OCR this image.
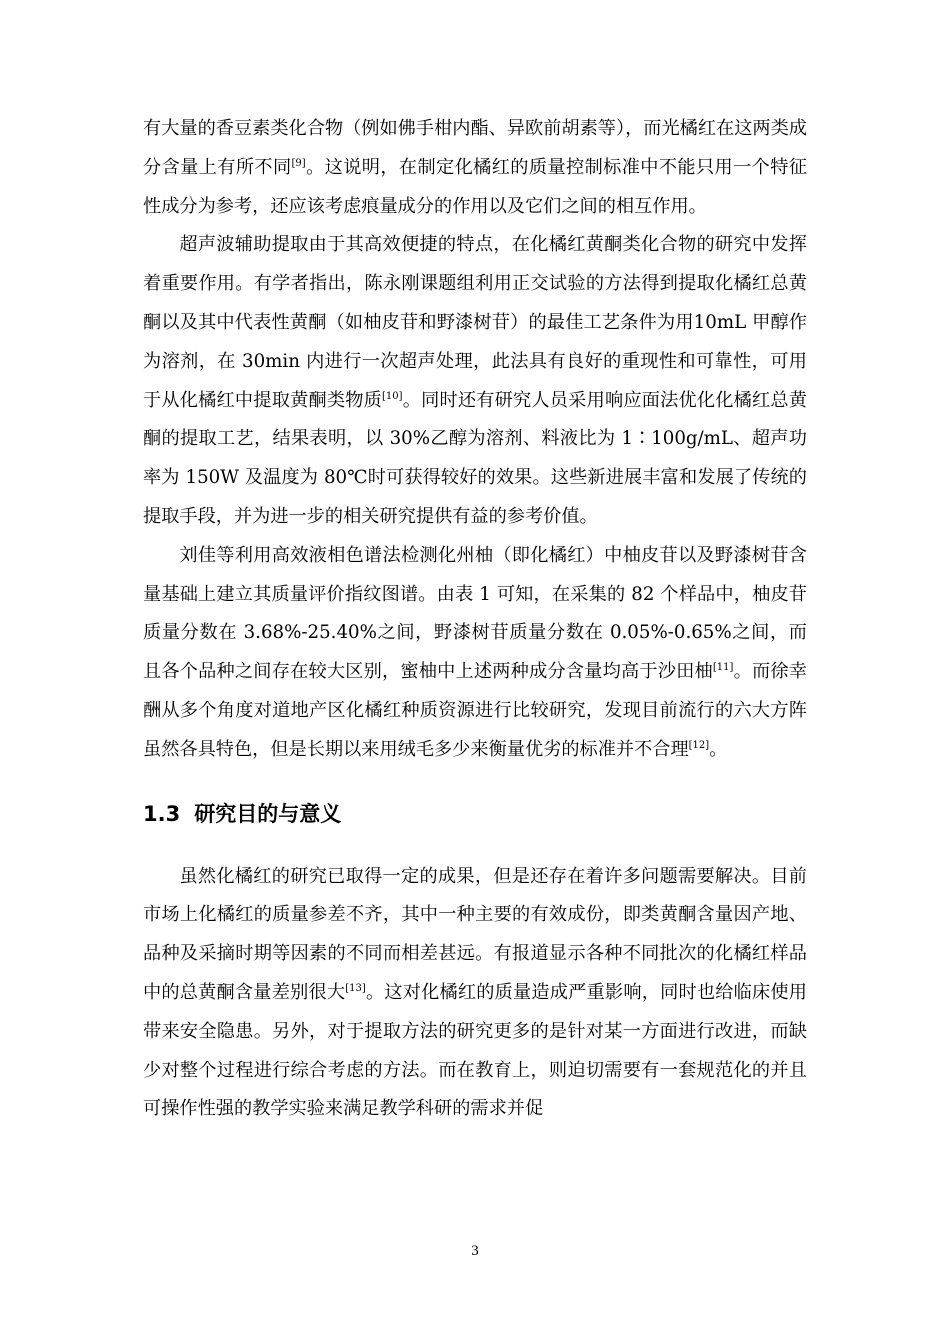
有大量的香豆素类化合物（例如佛手柑内酯、异欧前胡素等），而光橘红在这两类成分含量上有所不同[9]。这说明，在制定化橘红的质量控制标准中不能只用一个特征性成分为参考，还应该考虑痕量成分的作用以及它们之间的相互作用。

超声波辅助提取由于其高效便捷的特点，在化橘红黄酮类化合物的研究中发挥着重要作用。有学者指出，陈永刚课题组利用正交试验的方法得到提取化橘红总黄酮以及其中代表性黄酮（如柚皮苷和野漆树苷）的最佳工艺条件为用10mL 甲醇作为溶剂，在 30min 内进行一次超声处理，此法具有良好的重现性和可靠性，可用于从化橘红中提取黄酮类物质[10]。同时还有研究人员采用响应面法优化化橘红总黄酮的提取工艺，结果表明，以 30%乙醇为溶剂、料液比为 1∶100g/mL、超声功率为 150W 及温度为 80℃时可获得较好的效果。这些新进展丰富和发展了传统的提取手段，并为进一步的相关研究提供有益的参考价值。

刘佳等利用高效液相色谱法检测化州柚（即化橘红）中柚皮苷以及野漆树苷含量基础上建立其质量评价指纹图谱。由表 1 可知，在采集的 82 个样品中，柚皮苷质量分数在 3.68%-25.40%之间，野漆树苷质量分数在 0.05%-0.65%之间，而且各个品种之间存在较大区别，蜜柚中上述两种成分含量均高于沙田柚[11]。而徐幸酬从多个角度对道地产区化橘红种质资源进行比较研究，发现目前流行的六大方阵虽然各具特色，但是长期以来用绒毛多少来衡量优劣的标准并不合理[12]。

1.3 研究目的与意义

虽然化橘红的研究已取得一定的成果，但是还存在着许多问题需要解决。目前市场上化橘红的质量参差不齐，其中一种主要的有效成份，即类黄酮含量因产地、品种及采摘时期等因素的不同而相差甚远。有报道显示各种不同批次的化橘红样品中的总黄酮含量差别很大[13]。这对化橘红的质量造成严重影响，同时也给临床使用带来安全隐患。另外，对于提取方法的研究更多的是针对某一方面进行改进，而缺少对整个过程进行综合考虑的方法。而在教育上，则迫切需要有一套规范化的并且可操作性强的教学实验来满足教学科研的需求并促

3
